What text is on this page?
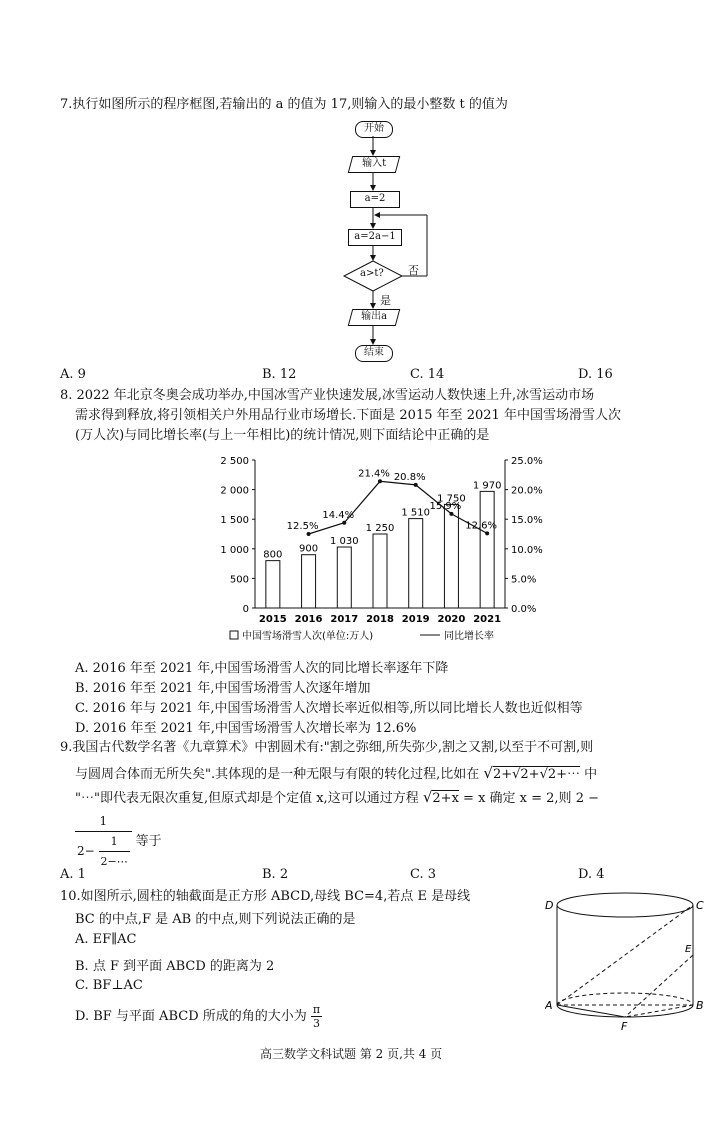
7.执行如图所示的程序框图,若输出的 a 的值为 17,则输入的最小整数 t 的值为
开始
输入t
a=2
a=2a−1
输出a
结束
a>t? 否
是
A. 9	B. 12	C. 14	D. 16
8. 2022 年北京冬奥会成功举办,中国冰雪产业快速发展,冰雪运动人数快速上升,冰雪运动市场
需求得到释放,将引领相关户外用品行业市场增长.下面是 2015 年至 2021 年中国雪场滑雪人次
(万人次)与同比增长率(与上一年相比)的统计情况,则下面结论中正确的是
0
500
1 000
1 500
2 000
2 500
0.0%
5.0%
10.0%
15.0%
20.0%
25.0%
800
2015
900
2016
1 030
2017
1 250
2018
1 510
2019
1 750
2020
1 970
2021
12.5%
14.4%
21.4% 20.8%
15.9%
12.6%
中国雪场滑雪人次(单位:万人)	同比增长率
A. 2016 年至 2021 年,中国雪场滑雪人次的同比增长率逐年下降
B. 2016 年至 2021 年,中国雪场滑雪人次逐年增加
C. 2016 年与 2021 年,中国雪场滑雪人次增长率近似相等,所以同比增长人数也近似相等
D. 2016 年至 2021 年,中国雪场滑雪人次增长率为 12.6%
9.我国古代数学名著《九章算术》中割圆术有:"割之弥细,所失弥少,割之又割,以至于不可割,则
与圆周合体而无所失矣".其体现的是一种无限与有限的转化过程,比如在 √2+√2+√2+⋯ 中
"⋯"即代表无限次重复,但原式却是个定值 x,这可以通过方程 √2+x = x 确定 x = 2,则 2 −
$\frac{1}{2- \frac{1}{2-\cdots}}$ 等于
A. 1	B. 2	C. 3	D. 4
10.如图所示,圆柱的轴截面是正方形 ABCD,母线 BC=4,若点 E 是母线
BC 的中点,F 是 AB 的中点,则下列说法正确的是
A. EF∥AC
B. 点 F 到平面 ABCD 的距离为 2
C. BF⊥AC
D. BF 与平面 ABCD 所成的角的大小为 $\frac{\pi}{3}$
D	C
E
A	B
F
高三数学文科试题 第 2 页,共 4 页
